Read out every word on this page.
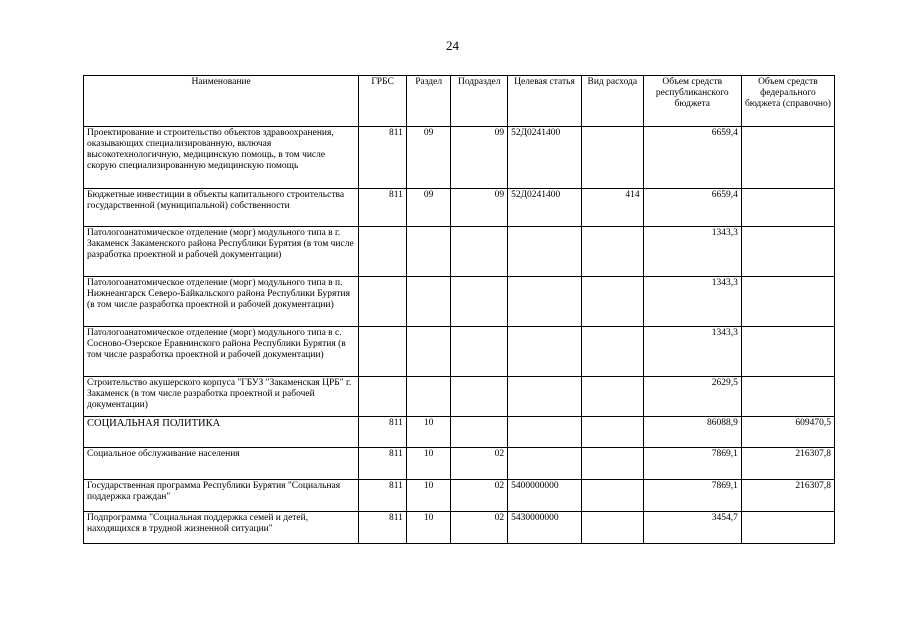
24
Наименование	ГРБС	Раздел	Подраздел	Целевая статья	Вид расхода	Объем средств республиканского бюджета	Объем средств федерального бюджета (справочно)
Проектирование и строительство объектов здравоохранения, оказывающих специализированную, включая высокотехнологичную, медицинскую помощь, в том числе скорую специализированную медицинскую помощь	811	09	09	52Д0241400		6659,4	
Бюджетные инвестиции в объекты капитального строительства государственной (муниципальной) собственности	811	09	09	52Д0241400	414	6659,4	
Патологоанатомическое отделение (морг) модульного типа в г. Закаменск Закаменского района Республики Бурятия (в том числе разработка проектной и рабочей документации)						1343,3	
Патологоанатомическое отделение (морг) модульного типа в п. Нижнеангарск Северо-Байкальского района Республики Бурятия (в том числе разработка проектной и рабочей документации)						1343,3	
Патологоанатомическое отделение (морг) модульного типа в с. Сосново-Озерское Еравнинского района Республики Бурятия (в том числе разработка проектной и рабочей документации)						1343,3	
Строительство акушерского корпуса "ГБУЗ "Закаменская ЦРБ" г. Закаменск (в том числе разработка проектной и рабочей документации)						2629,5	
СОЦИАЛЬНАЯ ПОЛИТИКА	811	10				86088,9	609470,5
Социальное обслуживание населения	811	10	02			7869,1	216307,8
Государственная программа Республики Бурятия "Социальная поддержка граждан"	811	10	02	5400000000		7869,1	216307,8
Подпрограмма "Социальная поддержка семей и детей, находящихся в трудной жизненной ситуации"	811	10	02	5430000000		3454,7	
